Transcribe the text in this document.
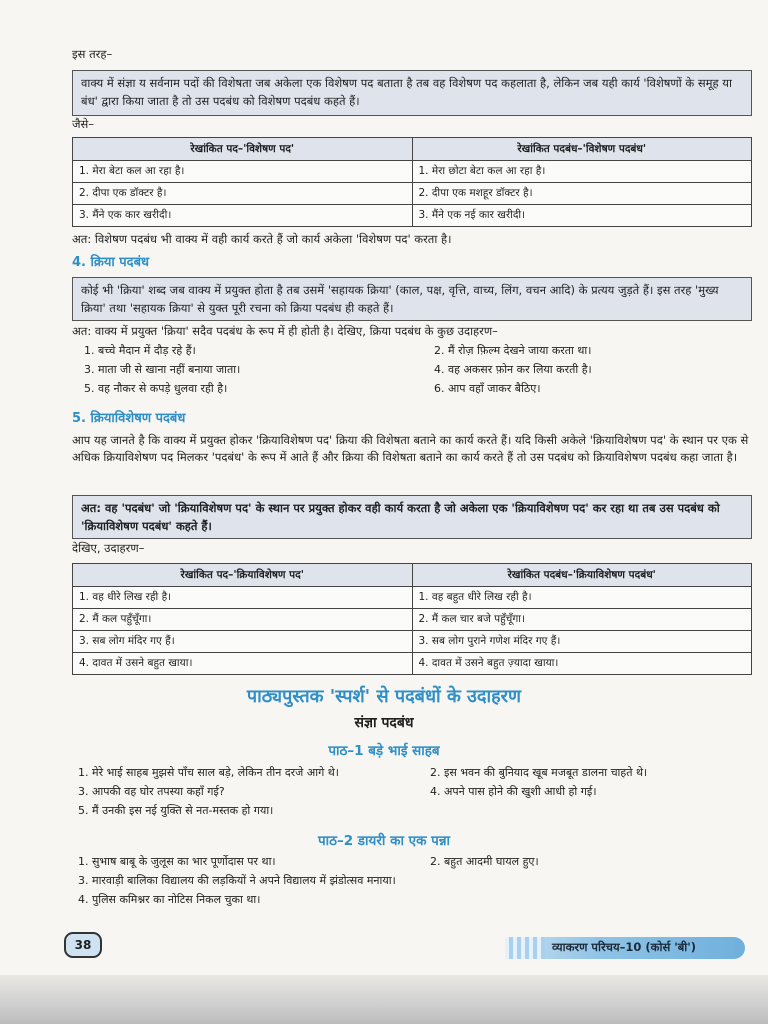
इस तरह–

वाक्य में संज्ञा य सर्वनाम पदों की विशेषता जब अकेला एक विशेषण पद बताता है तब वह विशेषण पद कहलाता है, लेकिन जब यही कार्य 'विशेषणों के समूह या बंध' द्वारा किया जाता है तो उस पदबंध को विशेषण पदबंध कहते हैं।

जैसे–

रेखांकित पद–'विशेषण पद'	रेखांकित पदबंध–'विशेषण पदबंध'
1. मेरा बेटा कल आ रहा है।	1. मेरा छोटा बेटा कल आ रहा है।
2. दीपा एक डॉक्टर है।	2. दीपा एक मशहूर डॉक्टर है।
3. मैंने एक कार खरीदी।	3. मैंने एक नई कार खरीदी।

अत: विशेषण पदबंध भी वाक्य में वही कार्य करते हैं जो कार्य अकेला 'विशेषण पद' करता है।

4. क्रिया पदबंध
कोई भी 'क्रिया' शब्द जब वाक्य में प्रयुक्त होता है तब उसमें 'सहायक क्रिया' (काल, पक्ष, वृत्ति, वाच्य, लिंग, वचन आदि) के प्रत्यय जुड़ते हैं। इस तरह 'मुख्य क्रिया' तथा 'सहायक क्रिया' से युक्त पूरी रचना को क्रिया पदबंध ही कहते हैं।

अत: वाक्य में प्रयुक्त 'क्रिया' सदैव पदबंध के रूप में ही होती है। देखिए, क्रिया पदबंध के कुछ उदाहरण–

1. बच्चे मैदान में दौड़ रहे हैं।
3. माता जी से खाना नहीं बनाया जाता।
5. वह नौकर से कपड़े धुलवा रही है।
2. मैं रोज़ फ़िल्म देखने जाया करता था।
4. वह अकसर फ़ोन कर लिया करती है।
6. आप वहाँ जाकर बैठिए।
5. क्रियाविशेषण पदबंध

आप यह जानते है कि वाक्य में प्रयुक्त होकर 'क्रियाविशेषण पद' क्रिया की विशेषता बताने का कार्य करते हैं। यदि किसी अकेले 'क्रियाविशेषण पद' के स्थान पर एक से अधिक क्रियाविशेषण पद मिलकर 'पदबंध' के रूप में आते हैं और क्रिया की विशेषता बताने का कार्य करते हैं तो उस पदबंध को क्रियाविशेषण पदबंध कहा जाता है।

अत: वह 'पदबंध' जो 'क्रियाविशेषण पद' के स्थान पर प्रयुक्त होकर वही कार्य करता है जो अकेला एक 'क्रियाविशेषण पद' कर रहा था तब उस पदबंध को 'क्रियाविशेषण पदबंध' कहते हैं।

देखिए, उदाहरण–

रेखांकित पद–'क्रियाविशेषण पद'	रेखांकित पदबंध–'क्रियाविशेषण पदबंध'
1. वह धीरे लिख रही है।	1. वह बहुत धीरे लिख रही है।
2. मैं कल पहुँचूँगा।	2. मैं कल चार बजे पहुँचूँगा।
3. सब लोग मंदिर गए हैं।	3. सब लोग पुराने गणेश मंदिर गए हैं।
4. दावत में उसने बहुत खाया।	4. दावत में उसने बहुत ज़्यादा खाया।
पाठ्यपुस्तक 'स्पर्श' से पदबंधों के उदाहरण
संज्ञा पदबंध
पाठ–1 बड़े भाई साहब
1. मेरे भाई साहब मुझसे पाँच साल बड़े, लेकिन तीन दरजे आगे थे।
3. आपकी वह घोर तपस्या कहाँ गई?
5. मैं उनकी इस नई युक्ति से नत-मस्तक हो गया।
2. इस भवन की बुनियाद खूब मजबूत डालना चाहते थे।
4. अपने पास होने की खुशी आधी हो गई।
पाठ–2 डायरी का एक पन्ना
1. सुभाष बाबू के जुलूस का भार पूर्णोदास पर था।	2. बहुत आदमी घायल हुए।
3. मारवाड़ी बालिका विद्यालय की लड़कियों ने अपने विद्यालय में झंडोत्सव मनाया।
4. पुलिस कमिश्नर का नोटिस निकल चुका था।
38	व्याकरण परिचय–10 (कोर्स 'बी')
